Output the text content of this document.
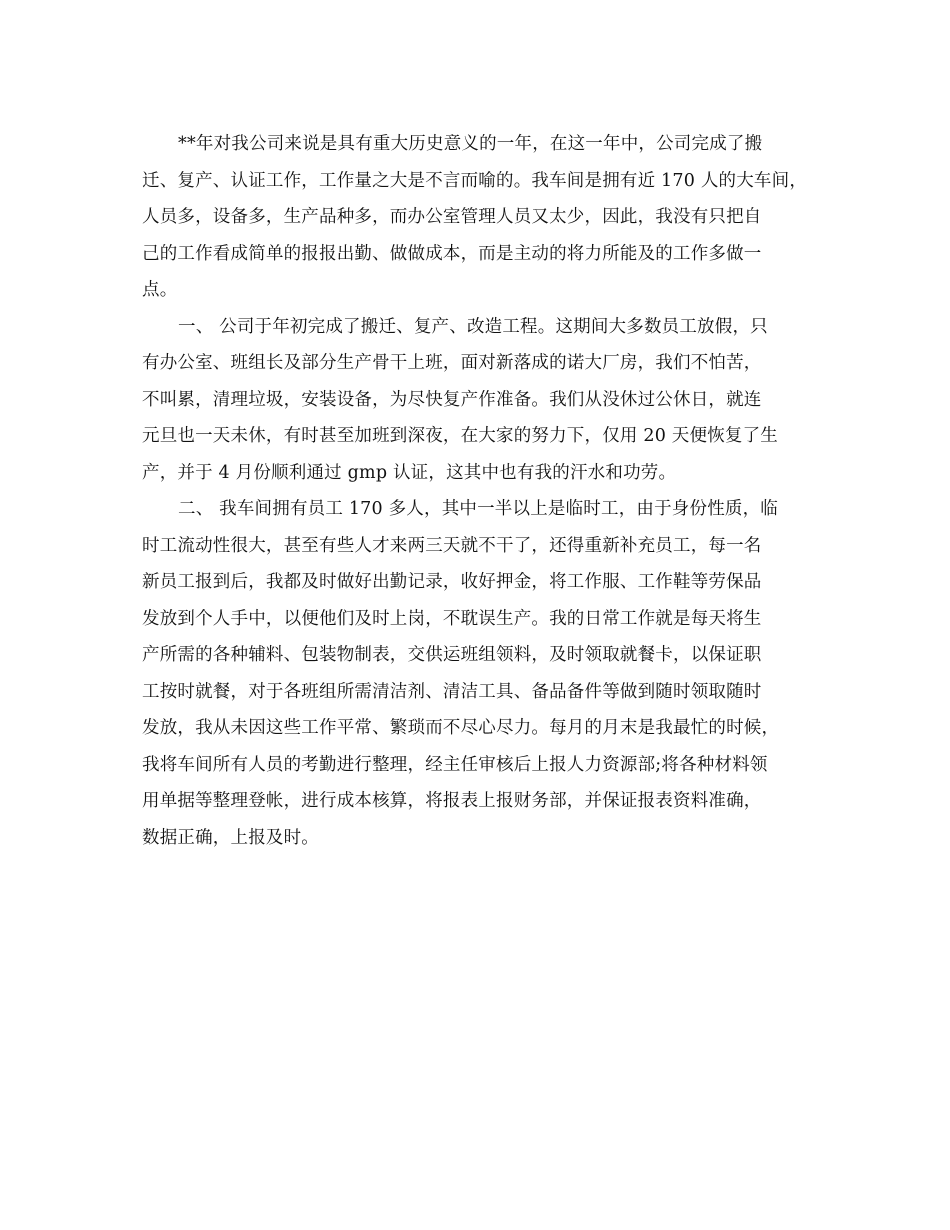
**年对我公司来说是具有重大历史意义的一年，在这一年中，公司完成了搬
迁、复产、认证工作，工作量之大是不言而喻的。我车间是拥有近 170 人的大车间，
人员多，设备多，生产品种多，而办公室管理人员又太少，因此，我没有只把自
己的工作看成简单的报报出勤、做做成本，而是主动的将力所能及的工作多做一
点。
一、 公司于年初完成了搬迁、复产、改造工程。这期间大多数员工放假，只
有办公室、班组长及部分生产骨干上班，面对新落成的诺大厂房，我们不怕苦，
不叫累，清理垃圾，安装设备，为尽快复产作准备。我们从没休过公休日，就连
元旦也一天未休，有时甚至加班到深夜，在大家的努力下，仅用 20 天便恢复了生
产，并于 4 月份顺利通过 gmp 认证，这其中也有我的汗水和功劳。
二、 我车间拥有员工 170 多人，其中一半以上是临时工，由于身份性质，临
时工流动性很大，甚至有些人才来两三天就不干了，还得重新补充员工，每一名
新员工报到后，我都及时做好出勤记录，收好押金，将工作服、工作鞋等劳保品
发放到个人手中，以便他们及时上岗，不耽误生产。我的日常工作就是每天将生
产所需的各种辅料、包装物制表，交供运班组领料，及时领取就餐卡，以保证职
工按时就餐，对于各班组所需清洁剂、清洁工具、备品备件等做到随时领取随时
发放，我从未因这些工作平常、繁琐而不尽心尽力。每月的月末是我最忙的时候，
我将车间所有人员的考勤进行整理，经主任审核后上报人力资源部;将各种材料领
用单据等整理登帐，进行成本核算，将报表上报财务部，并保证报表资料准确，
数据正确，上报及时。
